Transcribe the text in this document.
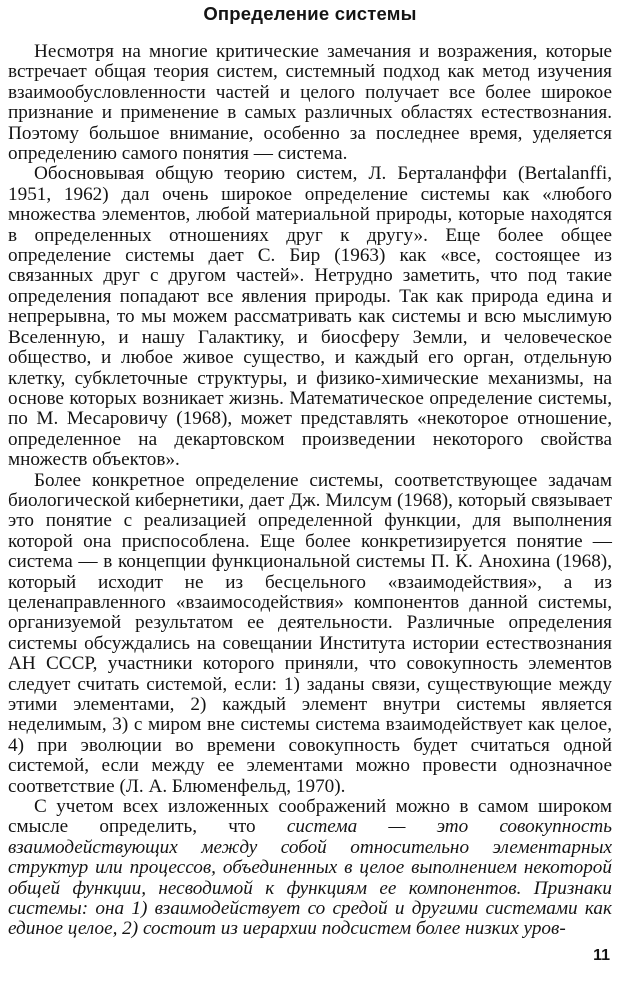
Определение системы

Несмотря на многие критические замечания и возражения, которые встречает общая теория систем, системный подход как метод изучения взаимообусловленности частей и целого получает все более широкое признание и применение в самых различных областях естествознания. Поэтому большое внимание, особенно за последнее время, уделяется определению самого понятия — системa.

Обосновывая общую теорию систем, Л. Берталанффи (Bertalanffi, 1951, 1962) дал очень широкое определение системы как «любого множества элементов, любой материальной природы, которые находятся в определенных отношениях друг к другу». Еще более общее определение системы дает С. Бир (1963) как «все, состоящее из связанных друг с другом частей». Нетрудно заметить, что под такие определения попадают все явления природы. Так как природа едина и непрерывна, то мы можем рассматривать как системы и всю мыслимую Вселенную, и нашу Галактику, и биосферу Земли, и человеческое общество, и любое живое существо, и каждый его орган, отдельную клетку, субклеточные структуры, и физико-химические механизмы, на основе которых возникает жизнь. Математическое определение системы, по М. Месаровичу (1968), может представлять «некоторое отношение, определенное на декартовском произведении некоторого свойства множеств объектов».

Более конкретное определение системы, соответствующее задачам биологической кибернетики, дает Дж. Милсум (1968), который связывает это понятие с реализацией определенной функции, для выполнения которой она приспособлена. Еще более конкретизируется понятие — система — в концепции функциональной системы П. К. Анохина (1968), который исходит не из бесцельного «взаимодействия», а из целенаправленного «взаимосодействия» компонентов данной системы, организуемой результатом ее деятельности. Различные определения системы обсуждались на совещании Института истории естествознания АН СССР, участники которого приняли, что совокупность элементов следует считать системой, если: 1) заданы связи, существующие между этими элементами, 2) каждый элемент внутри системы является неделимым, 3) с миром вне системы система взаимодействует как целое, 4) при эволюции во времени совокупность будет считаться одной системой, если между ее элементами можно провести однозначное соответствие (Л. А. Блюменфельд, 1970).

С учетом всех изложенных соображений можно в самом широком смысле определить, что система — это совокупность взаимодействующих между собой относительно элементарных структур или процессов, объединенных в целое выполнением некоторой общей функции, несводимой к функциям ее компонентов. Признаки системы: она 1) взаимодействует со средой и другими системами как единое целое, 2) состоит из иерархии подсистем более низких уров-

11
